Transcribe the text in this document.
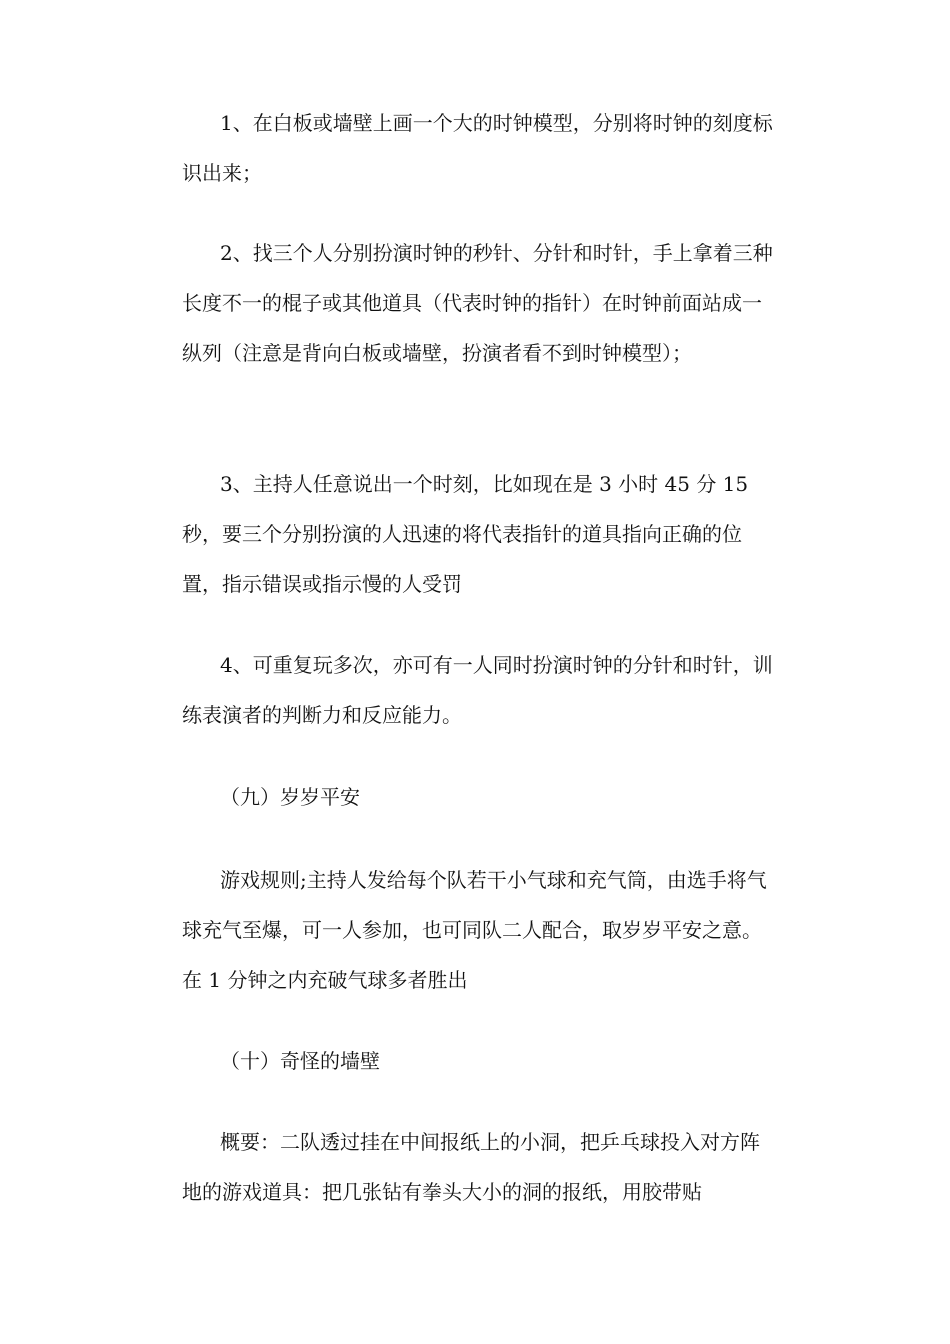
1、在白板或墙壁上画一个大的时钟模型，分别将时钟的刻度标识出来；

2、找三个人分别扮演时钟的秒针、分针和时针，手上拿着三种长度不一的棍子或其他道具（代表时钟的指针）在时钟前面站成一纵列（注意是背向白板或墙壁，扮演者看不到时钟模型）；

3、主持人任意说出一个时刻，比如现在是 3 小时 45 分 15 秒，要三个分别扮演的人迅速的将代表指针的道具指向正确的位置，指示错误或指示慢的人受罚

4、可重复玩多次，亦可有一人同时扮演时钟的分针和时针，训练表演者的判断力和反应能力。

（九）岁岁平安

游戏规则;主持人发给每个队若干小气球和充气筒，由选手将气球充气至爆，可一人参加，也可同队二人配合，取岁岁平安之意。在 1 分钟之内充破气球多者胜出

（十）奇怪的墙壁

概要：二队透过挂在中间报纸上的小洞，把乒乓球投入对方阵地的游戏道具：把几张钻有拳头大小的洞的报纸，用胶带贴
